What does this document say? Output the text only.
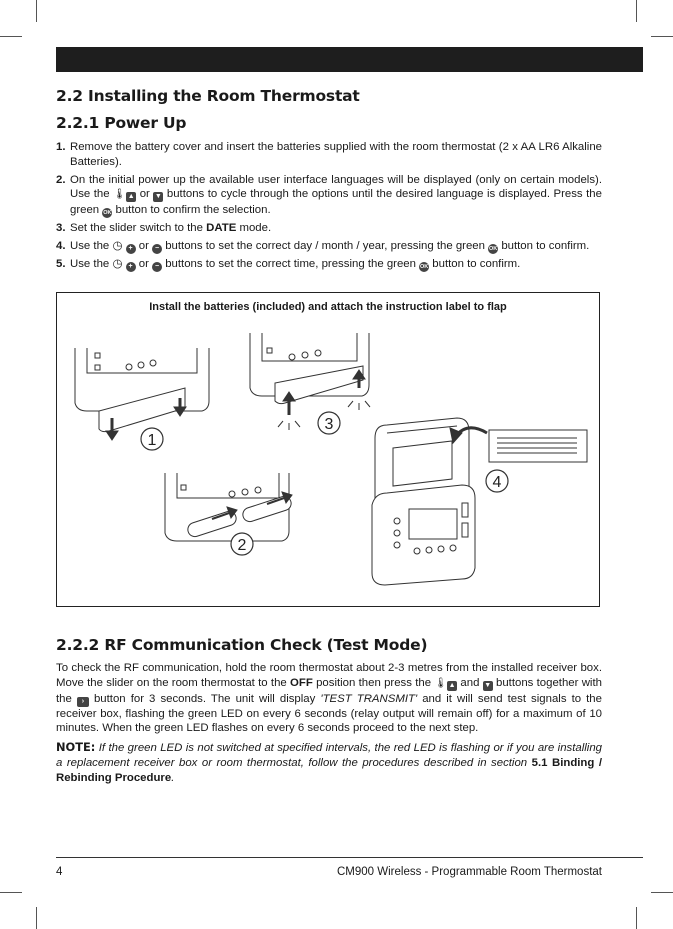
2.2 Installing the Room Thermostat
2.2.1 Power Up
1. Remove the battery cover and insert the batteries supplied with the room thermostat (2 x AA LR6 Alkaline Batteries).
2. On the initial power up the available user interface languages will be displayed (only on certain models). Use the 🌡︎ ▲ or ▼ buttons to cycle through the options until the desired language is displayed. Press the green OK button to confirm the selection.
3. Set the slider switch to the DATE mode.
4. Use the ◷ + or − buttons to set the correct day / month / year, pressing the green OK button to confirm.
5. Use the ◷ + or − buttons to set the correct time, pressing the green OK button to confirm.
Install the batteries (included) and attach the instruction label to flap
1
2
3
4
2.2.2 RF Communication Check (Test Mode)

To check the RF communication, hold the room thermostat about 2-3 metres from the installed receiver box. Move the slider on the room thermostat to the OFF position then press the 🌡︎ ▲ and ▼ buttons together with the › button for 3 seconds. The unit will display 'TEST TRANSMIT' and it will send test signals to the receiver box, flashing the green LED on every 6 seconds (relay output will remain off) for a maximum of 10 minutes. When the green LED flashes on every 6 seconds proceed to the next step.

NOTE: If the green LED is not switched at specified intervals, the red LED is flashing or if you are installing a replacement receiver box or room thermostat, follow the procedures described in section 5.1 Binding / Rebinding Procedure.

4	CM900 Wireless - Programmable Room Thermostat
